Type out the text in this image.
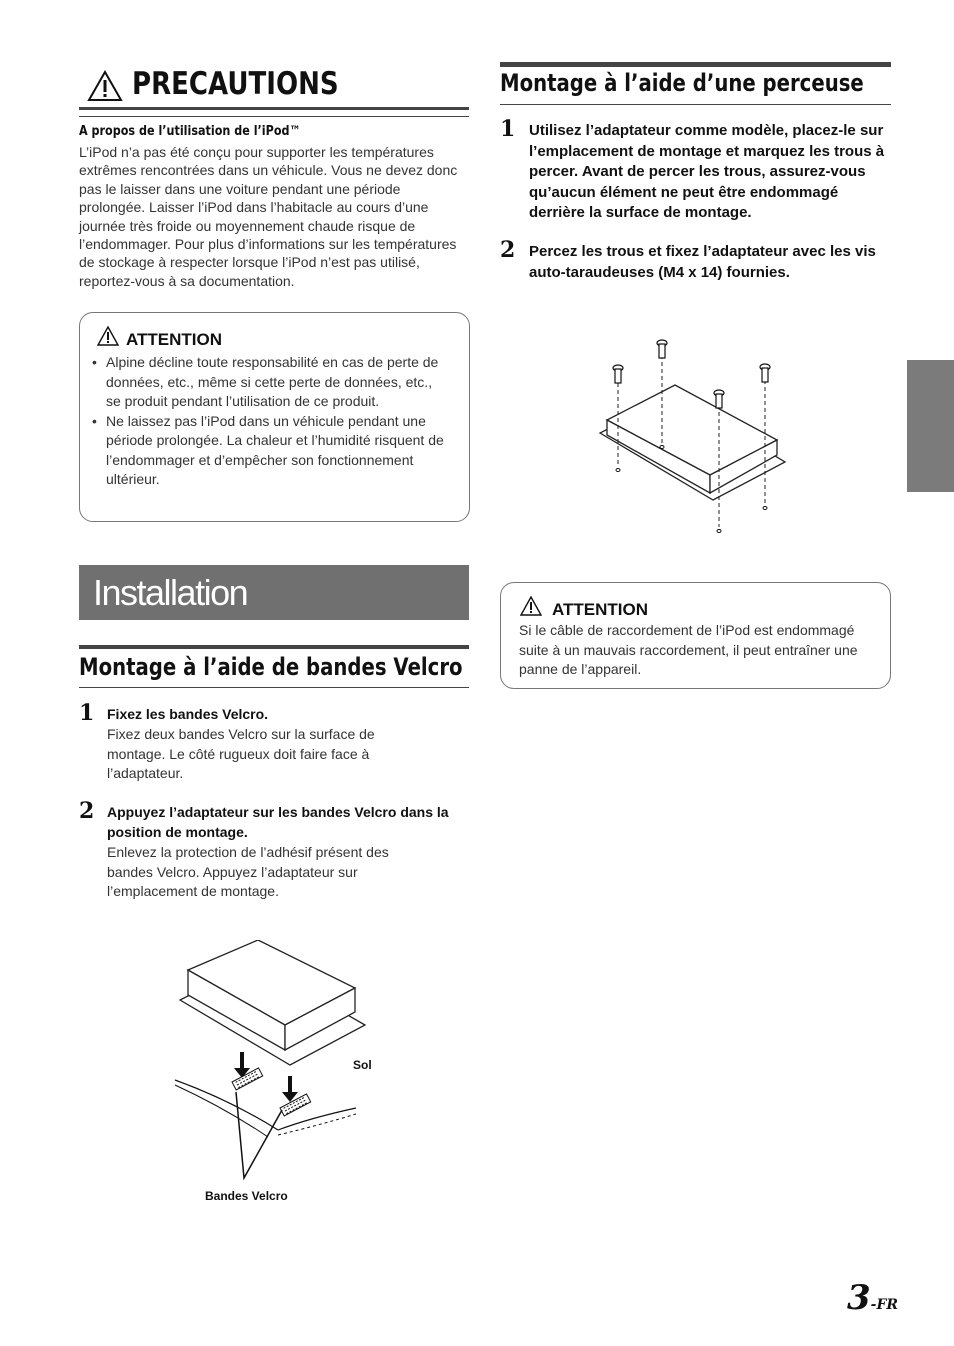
PRECAUTIONS
A propos de l’utilisation de l’iPod™
L’iPod n’a pas été conçu pour supporter les températures extrêmes rencontrées dans un véhicule. Vous ne devez donc pas le laisser dans une voiture pendant une période prolongée. Laisser l’iPod dans l’habitacle au cours d’une journée très froide ou moyennement chaude risque de l’endommager. Pour plus d’informations sur les températures de stockage à respecter lorsque l’iPod n’est pas utilisé, reportez-vous à sa documentation.
ATTENTION
• Alpine décline toute responsabilité en cas de perte de données, etc., même si cette perte de données, etc., se produit pendant l’utilisation de ce produit.
• Ne laissez pas l’iPod dans un véhicule pendant une période prolongée. La chaleur et l’humidité risquent de l’endommager et d’empêcher son fonctionnement ultérieur.
Installation
Montage à l’aide de bandes Velcro
1 Fixez les bandes Velcro.
Fixez deux bandes Velcro sur la surface de montage. Le côté rugueux doit faire face à l’adaptateur.
2 Appuyez l’adaptateur sur les bandes Velcro dans la position de montage.
Enlevez la protection de l’adhésif présent des bandes Velcro. Appuyez l’adaptateur sur l’emplacement de montage.
Sol
Bandes Velcro
Montage à l’aide d’une perceuse
1 Utilisez l’adaptateur comme modèle, placez-le sur l’emplacement de montage et marquez les trous à percer. Avant de percer les trous, assurez-vous qu’aucun élément ne peut être endommagé derrière la surface de montage.
2 Percez les trous et fixez l’adaptateur avec les vis auto-taraudeuses (M4 x 14) fournies.
ATTENTION
Si le câble de raccordement de l’iPod est endommagé suite à un mauvais raccordement, il peut entraîner une panne de l’appareil.
3-FR
